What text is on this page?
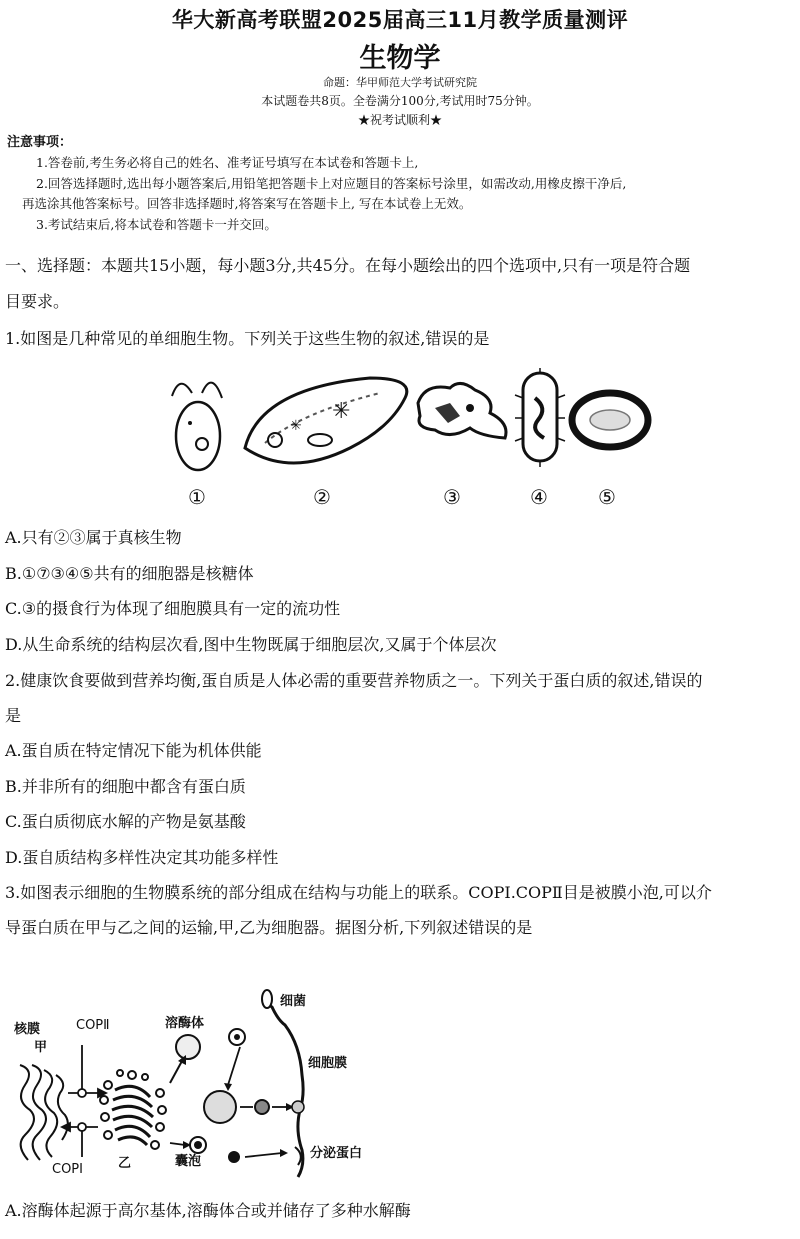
华大新高考联盟2025届高三11月教学质量测评
生物学
命题：华甲师范大学考试研究院
本试题卷共8页。全卷满分100分,考试用时75分钟。
★祝考试顺利★
注意事项：
1.答卷前,考生务必将自己的姓名、准考证号填写在本试卷和答题卡上,
2.回答选择题时,选出每小题答案后,用铅笔把答题卡上对应题目的答案标号涂里，如需改动,用橡皮擦干净后,
再选涂其他答案标号。回答非选择题时,将答案写在答题卡上, 写在本试卷上无效。
3.考试结束后,将本试卷和答题卡一并交回。
一、选择题：本题共15小题，每小题3分,共45分。在每小题绘出的四个选项中,只有一项是符合题
目要求。
1.如图是几种常见的单细胞生物。下列关于这些生物的叙述,错误的是
✳
✳
①	②	③	④	⑤
A.只有②③属于真核生物
B.①⑦③④⑤共有的细胞器是核糖体
C.③的摄食行为体现了细胞膜具有一定的流功性
D.从生命系统的结构层次看,图中生物既属于细胞层次,又属于个体层次
2.健康饮食要做到营养均衡,蛋自质是人体必需的重要营养物质之一。下列关于蛋白质的叙述,错误的
是
A.蛋自质在特定情况下能为机体供能
B.并非所有的细胞中都含有蛋白质
C.蛋白质彻底水解的产物是氨基酸
D.蛋自质结构多样性决定其功能多样性
3.如图表示细胞的生物膜系统的部分组成在结构与功能上的联系。COPI.COPⅡ目是被膜小泡,可以介
导蛋白质在甲与乙之间的运输,甲,乙为细胞器。据图分析,下列叙述错误的是
核膜
甲
COPⅡ
COPⅠ	乙
溶酶体
细菌
细胞膜
囊泡
分泌蛋白
A.溶酶体起源于高尔基体,溶酶体合或并储存了多种水解酶
